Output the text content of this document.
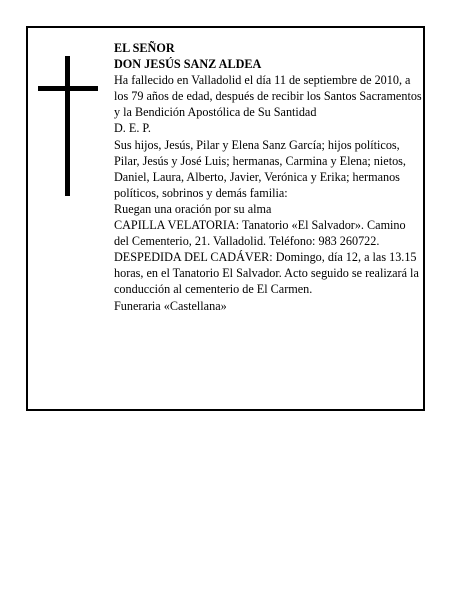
EL SEÑOR

DON JESÚS SANZ ALDEA

Ha fallecido en Valladolid el día 11 de septiembre de 2010, a los 79 años de edad, después de recibir los Santos Sacramentos y la Bendición Apostólica de Su Santidad

D. E. P.

Sus hijos, Jesús, Pilar y Elena Sanz García; hijos políticos, Pilar, Jesús y José Luis; hermanas, Carmina y Elena; nietos, Daniel, Laura, Alberto, Javier, Verónica y Erika; hermanos políticos, sobrinos y demás familia:

Ruegan una oración por su alma

CAPILLA VELATORIA: Tanatorio «El Salvador». Camino del Cementerio, 21. Valladolid. Teléfono: 983 260722.

DESPEDIDA DEL CADÁVER: Domingo, día 12, a las 13.15 horas, en el Tanatorio El Salvador. Acto seguido se realizará la conducción al cementerio de El Carmen.

Funeraria «Castellana»
